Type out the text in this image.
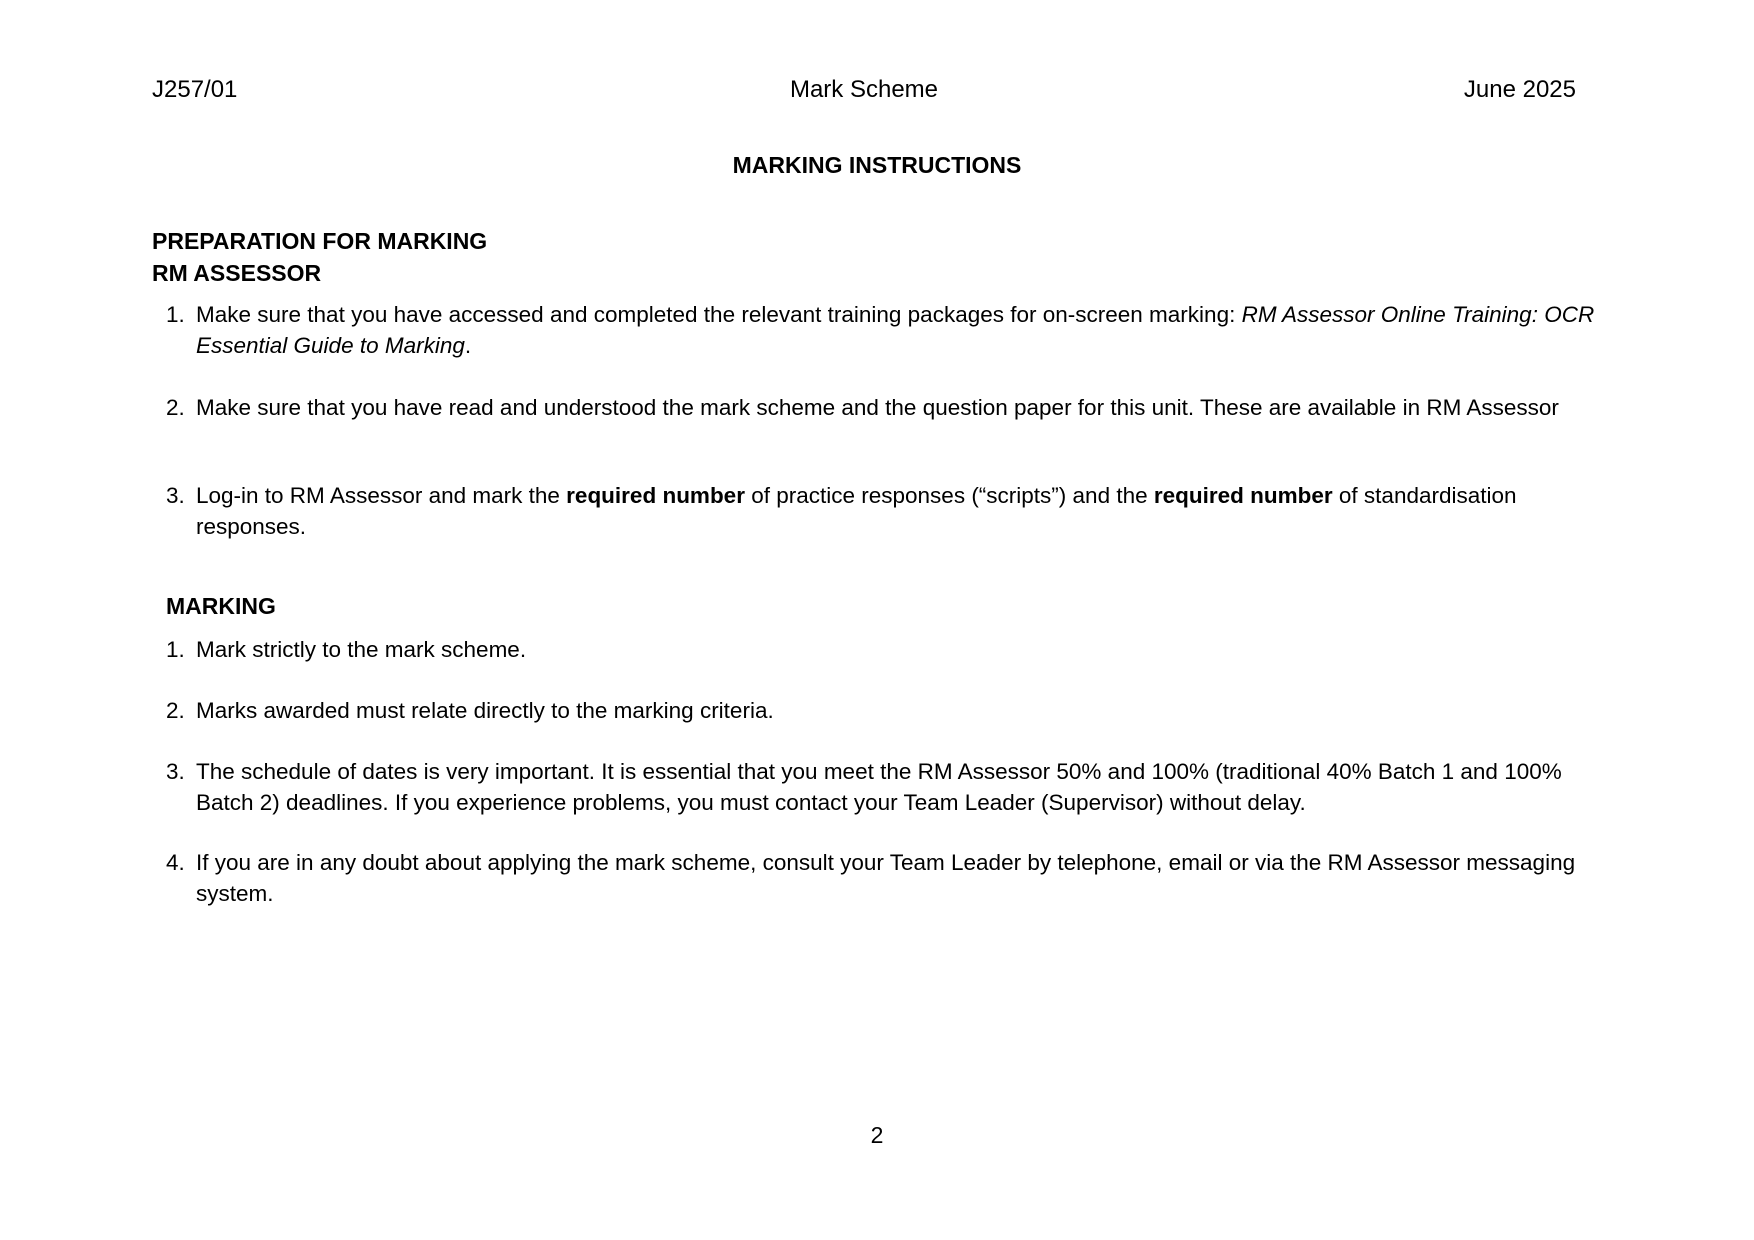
J257/01	Mark Scheme	June 2025
MARKING INSTRUCTIONS
PREPARATION FOR MARKING
RM ASSESSOR
1. Make sure that you have accessed and completed the relevant training packages for on-screen marking: RM Assessor Online Training: OCR Essential Guide to Marking.
2. Make sure that you have read and understood the mark scheme and the question paper for this unit. These are available in RM Assessor
3. Log-in to RM Assessor and mark the required number of practice responses (“scripts”) and the required number of standardisation responses.
MARKING
1. Mark strictly to the mark scheme.
2. Marks awarded must relate directly to the marking criteria.
3. The schedule of dates is very important. It is essential that you meet the RM Assessor 50% and 100% (traditional 40% Batch 1 and 100% Batch 2) deadlines. If you experience problems, you must contact your Team Leader (Supervisor) without delay.
4. If you are in any doubt about applying the mark scheme, consult your Team Leader by telephone, email or via the RM Assessor messaging system.
2
